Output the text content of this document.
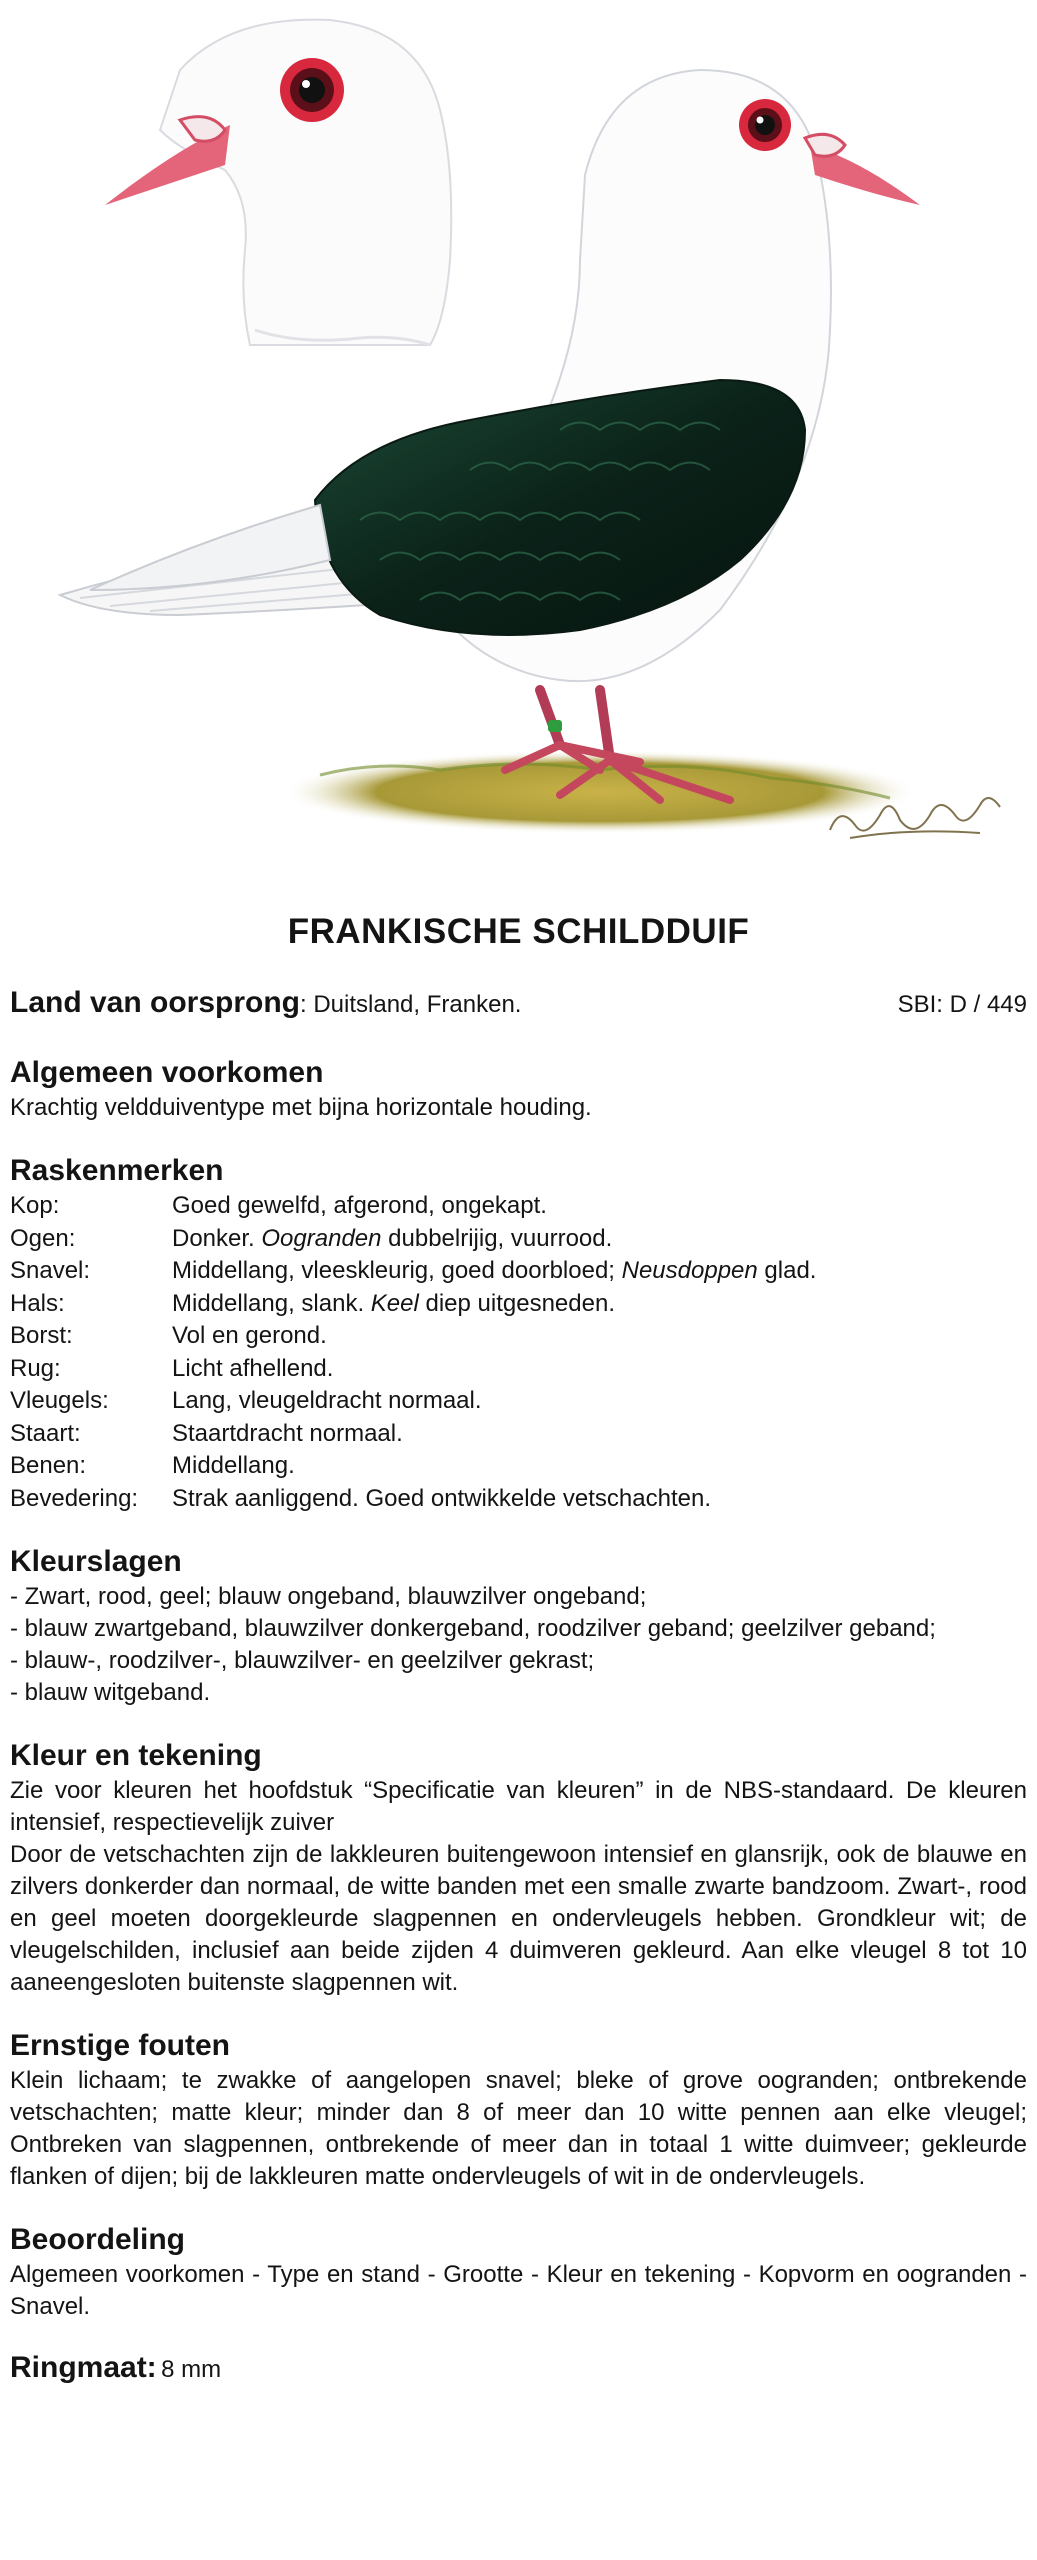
FRANKISCHE SCHILDDUIF
Land van oorsprong: Duitsland, Franken.	SBI: D / 449
Algemeen voorkomen
Krachtig veldduiventype met bijna horizontale houding.
Raskenmerken
Kop:	Goed gewelfd, afgerond, ongekapt.
Ogen:	Donker. Oogranden dubbelrijig, vuurrood.
Snavel:	Middellang, vleeskleurig, goed doorbloed; Neusdoppen glad.
Hals:	Middellang, slank. Keel diep uitgesneden.
Borst:	Vol en gerond.
Rug:	Licht afhellend.
Vleugels:	Lang, vleugeldracht normaal.
Staart:	Staartdracht normaal.
Benen:	Middellang.
Bevedering:	Strak aanliggend. Goed ontwikkelde vetschachten.
Kleurslagen
- Zwart, rood, geel; blauw ongeband, blauwzilver ongeband;
- blauw zwartgeband, blauwzilver donkergeband, roodzilver geband; geelzilver geband;
- blauw-, roodzilver-, blauwzilver- en geelzilver gekrast;
- blauw witgeband.
Kleur en tekening
Zie voor kleuren het hoofdstuk “Specificatie van kleuren” in de NBS-standaard. De kleuren intensief, respectievelijk zuiver
Door de vetschachten zijn de lakkleuren buitengewoon intensief en glansrijk, ook de blauwe en zilvers donkerder dan normaal, de witte banden met een smalle zwarte bandzoom. Zwart-, rood en geel moeten doorgekleurde slagpennen en ondervleugels hebben. Grondkleur wit; de vleugelschilden, inclusief aan beide zijden 4 duimveren gekleurd. Aan elke vleugel 8 tot 10 aaneengesloten buitenste slagpennen wit.
Ernstige fouten
Klein lichaam; te zwakke of aangelopen snavel; bleke of grove oogranden; ontbrekende vetschachten; matte kleur; minder dan 8 of meer dan 10 witte pennen aan elke vleugel; Ontbreken van slagpennen, ontbrekende of meer dan in totaal 1 witte duimveer; gekleurde flanken of dijen; bij de lakkleuren matte ondervleugels of wit in de ondervleugels.
Beoordeling
Algemeen voorkomen - Type en stand - Grootte - Kleur en tekening - Kopvorm en oogranden - Snavel.
Ringmaat: 8 mm
